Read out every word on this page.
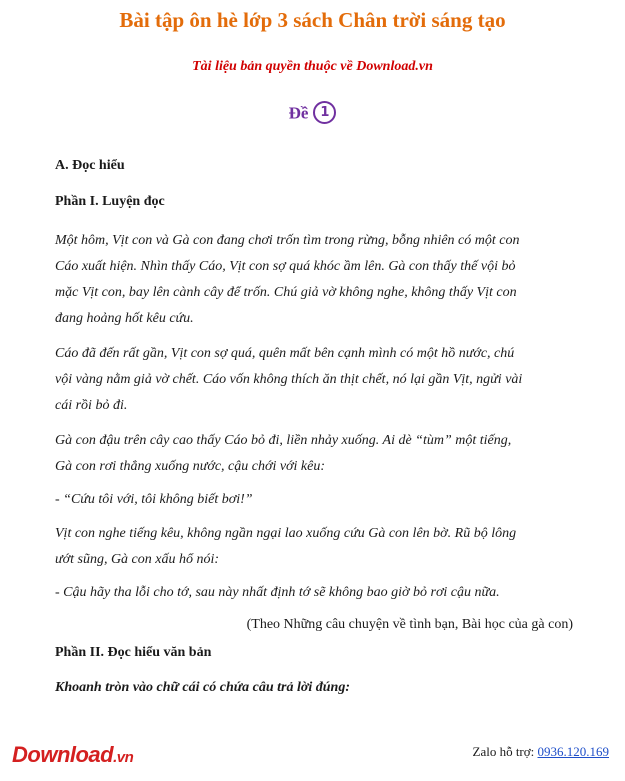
Bài tập ôn hè lớp 3 sách Chân trời sáng tạo
Tài liệu bản quyền thuộc về Download.vn
Đề 1
A. Đọc hiểu
Phần I. Luyện đọc
Một hôm, Vịt con và Gà con đang chơi trốn tìm trong rừng, bỗng nhiên có một con
Cáo xuất hiện. Nhìn thấy Cáo, Vịt con sợ quá khóc ầm lên. Gà con thấy thế vội bỏ
mặc Vịt con, bay lên cành cây để trốn. Chú giả vờ không nghe, không thấy Vịt con
đang hoảng hốt kêu cứu.
Cáo đã đến rất gần, Vịt con sợ quá, quên mất bên cạnh mình có một hồ nước, chú
vội vàng nằm giả vờ chết. Cáo vốn không thích ăn thịt chết, nó lại gần Vịt, ngửi vài
cái rồi bỏ đi.
Gà con đậu trên cây cao thấy Cáo bỏ đi, liền nhảy xuống. Ai dè “tùm” một tiếng,
Gà con rơi thẳng xuống nước, cậu chới với kêu:
- “Cứu tôi với, tôi không biết bơi!”
Vịt con nghe tiếng kêu, không ngần ngại lao xuống cứu Gà con lên bờ. Rũ bộ lông
ướt sũng, Gà con xấu hổ nói:
- Cậu hãy tha lỗi cho tớ, sau này nhất định tớ sẽ không bao giờ bỏ rơi cậu nữa.
(Theo Những câu chuyện về tình bạn, Bài học của gà con)
Phần II. Đọc hiểu văn bản
Khoanh tròn vào chữ cái có chứa câu trả lời đúng:
Download.vn	Zalo hỗ trợ: 0936.120.169
